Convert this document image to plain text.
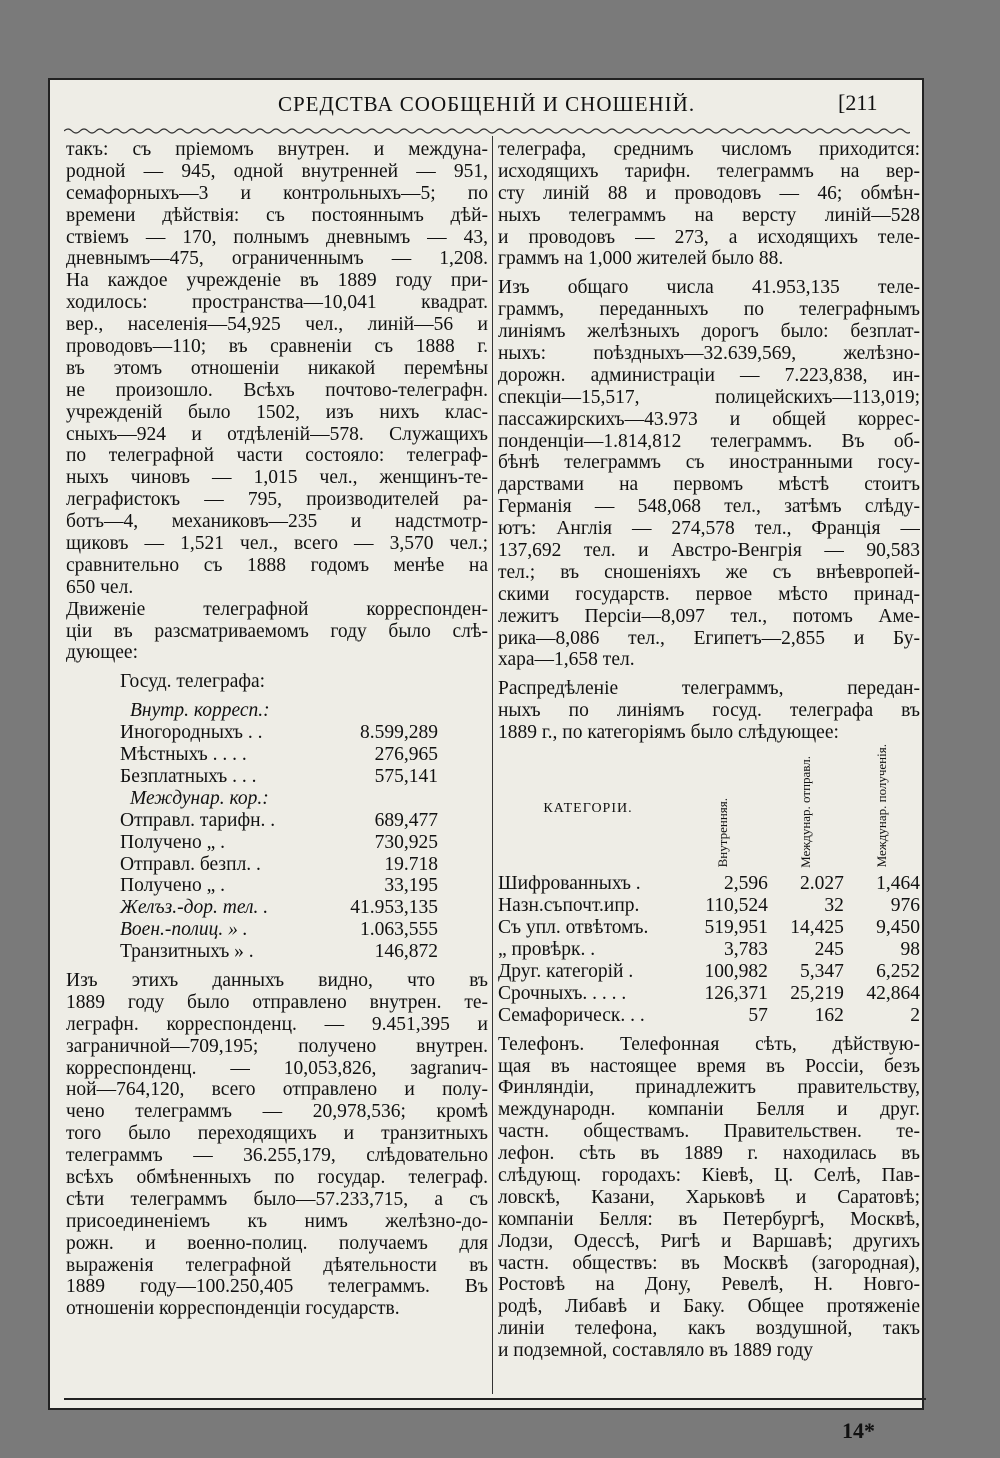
СРЕДСТВА СООБЩЕНІЙ И СНОШЕНІЙ.	[211
такъ: съ пріемомъ внутрен. и междуна-
родной — 945, одной внутренней — 951,
семафорныхъ—3 и контрольныхъ—5; по
времени дѣйствія: съ постояннымъ дѣй-
ствіемъ — 170, полнымъ дневнымъ — 43,
дневнымъ—475, ограниченнымъ — 1,208.
На каждое учрежденіе въ 1889 году при-
ходилось: пространства—10,041 квадрат.
вер., населенія—54,925 чел., линій—56 и
проводовъ—110; въ сравненіи съ 1888 г.
въ этомъ отношеніи никакой перемѣны
не произошло. Всѣхъ почтово-телеграфн.
учрежденій было 1502, изъ нихъ клас-
сныхъ—924 и отдѣленій—578. Служащихъ
по телеграфной части состояло: телеграф-
ныхъ чиновъ — 1,015 чел., женщинъ-те-
леграфистокъ — 795, производителей ра-
ботъ—4, механиковъ—235 и надстмотр-
щиковъ — 1,521 чел., всего — 3,570 чел.;
сравнительно съ 1888 годомъ менѣе на
650 чел.
Движеніе телеграфной корреспонден-
ціи въ разсматриваемомъ году было слѣ-
дующее:
Госуд. телеграфа:
Внутр. корресп.:
Иногородныхъ . .	8.599,289
Мѣстныхъ . . . .	276,965
Безплатныхъ . . .	575,141
Междунар. кор.:
Отправл. тарифн. .	689,477
Получено „ .	730,925
Отправл. безпл. .	19.718
Получено „ .	33,195
Желъз.-дор. тел. .	41.953,135
Воен.-полиц. » .	1.063,555
Транзитныхъ » .	146,872
Изъ этихъ данныхъ видно, что въ
1889 году было отправлено внутрен. те-
леграфн. корреспонденц. — 9.451,395 и
заграничной—709,195; получено внутрен.
корреспонденц. — 10,053,826, заgranич-
ной—764,120, всего отправлено и полу-
чено телеграммъ — 20,978,536; кромѣ
того было переходящихъ и транзитныхъ
телеграммъ — 36.255,179, слѣдовательно
всѣхъ обмѣненныхъ по государ. телеграф.
сѣти телеграммъ было—57.233,715, а съ
присоединеніемъ къ нимъ желѣзно-до-
рожн. и военно-полиц. получаемъ для
выраженія телеграфной дѣятельности въ
1889 году—100.250,405 телеграммъ. Въ
отношеніи корреспонденціи государств.
телеграфа, среднимъ числомъ приходится:
исходящихъ тарифн. телеграммъ на вер-
сту линій 88 и проводовъ — 46; обмѣн-
ныхъ телеграммъ на версту линій—528
и проводовъ — 273, а исходящихъ теле-
граммъ на 1,000 жителей было 88.
Изъ общаго числа 41.953,135 теле-
граммъ, переданныхъ по телеграфнымъ
линіямъ желѣзныхъ дорогъ было: безплат-
ныхъ: поѣздныхъ—32.639,569, желѣзно-
дорожн. администраціи — 7.223,838, ин-
спекціи—15,517, полицейскихъ—113,019;
пассажирскихъ—43.973 и общей коррес-
понденціи—1.814,812 телеграммъ. Въ об-
бѣнѣ телеграммъ съ иностранными госу-
дарствами на первомъ мѣстѣ стоитъ
Германія — 548,068 тел., затѣмъ слѣду-
ютъ: Англія — 274,578 тел., Франція —
137,692 тел. и Австро-Венгрія — 90,583
тел.; въ сношеніяхъ же съ внѣевропей-
скими государств. первое мѣсто принад-
лежитъ Персіи—8,097 тел., потомъ Аме-
рика—8,086 тел., Египетъ—2,855 и Бу-
хара—1,658 тел.
Распредѣленіе телеграммъ, передан-
ныхъ по линіямъ госуд. телеграфа въ
1889 г., по категоріямъ было слѣдующее:
КАТЕГОРІИ.	Внутренняя.	Междунар. отправл.	Междунар. полученія.
Шифрованныхъ .	2,596	2.027	1,464
Назн.съпочт.ипр.	110,524	32	976
Съ упл. отвѣтомъ.	519,951	14,425	9,450
„ провѣрк. .	3,783	245	98
Друг. категорій .	100,982	5,347	6,252
Срочныхъ. . . . .	126,371	25,219	42,864
Семафорическ. . .	57	162	2
Телефонъ. Телефонная сѣть, дѣйствую-
щая въ настоящее время въ Россіи, безъ
Финляндіи, принадлежитъ правительству,
международн. компаніи Белля и друг.
частн. обществамъ. Правительствен. те-
лефон. сѣть въ 1889 г. находилась въ
слѣдующ. городахъ: Кіевѣ, Ц. Селѣ, Пав-
ловскѣ, Казани, Харьковѣ и Саратовѣ;
компаніи Белля: въ Петербургѣ, Москвѣ,
Лодзи, Одессѣ, Ригѣ и Варшавѣ; другихъ
частн. обществъ: въ Москвѣ (загородная),
Ростовѣ на Дону, Ревелѣ, Н. Новго-
родѣ, Либавѣ и Баку. Общее протяженіе
линіи телефона, какъ воздушной, такъ
и подземной, составляло въ 1889 году
14*
